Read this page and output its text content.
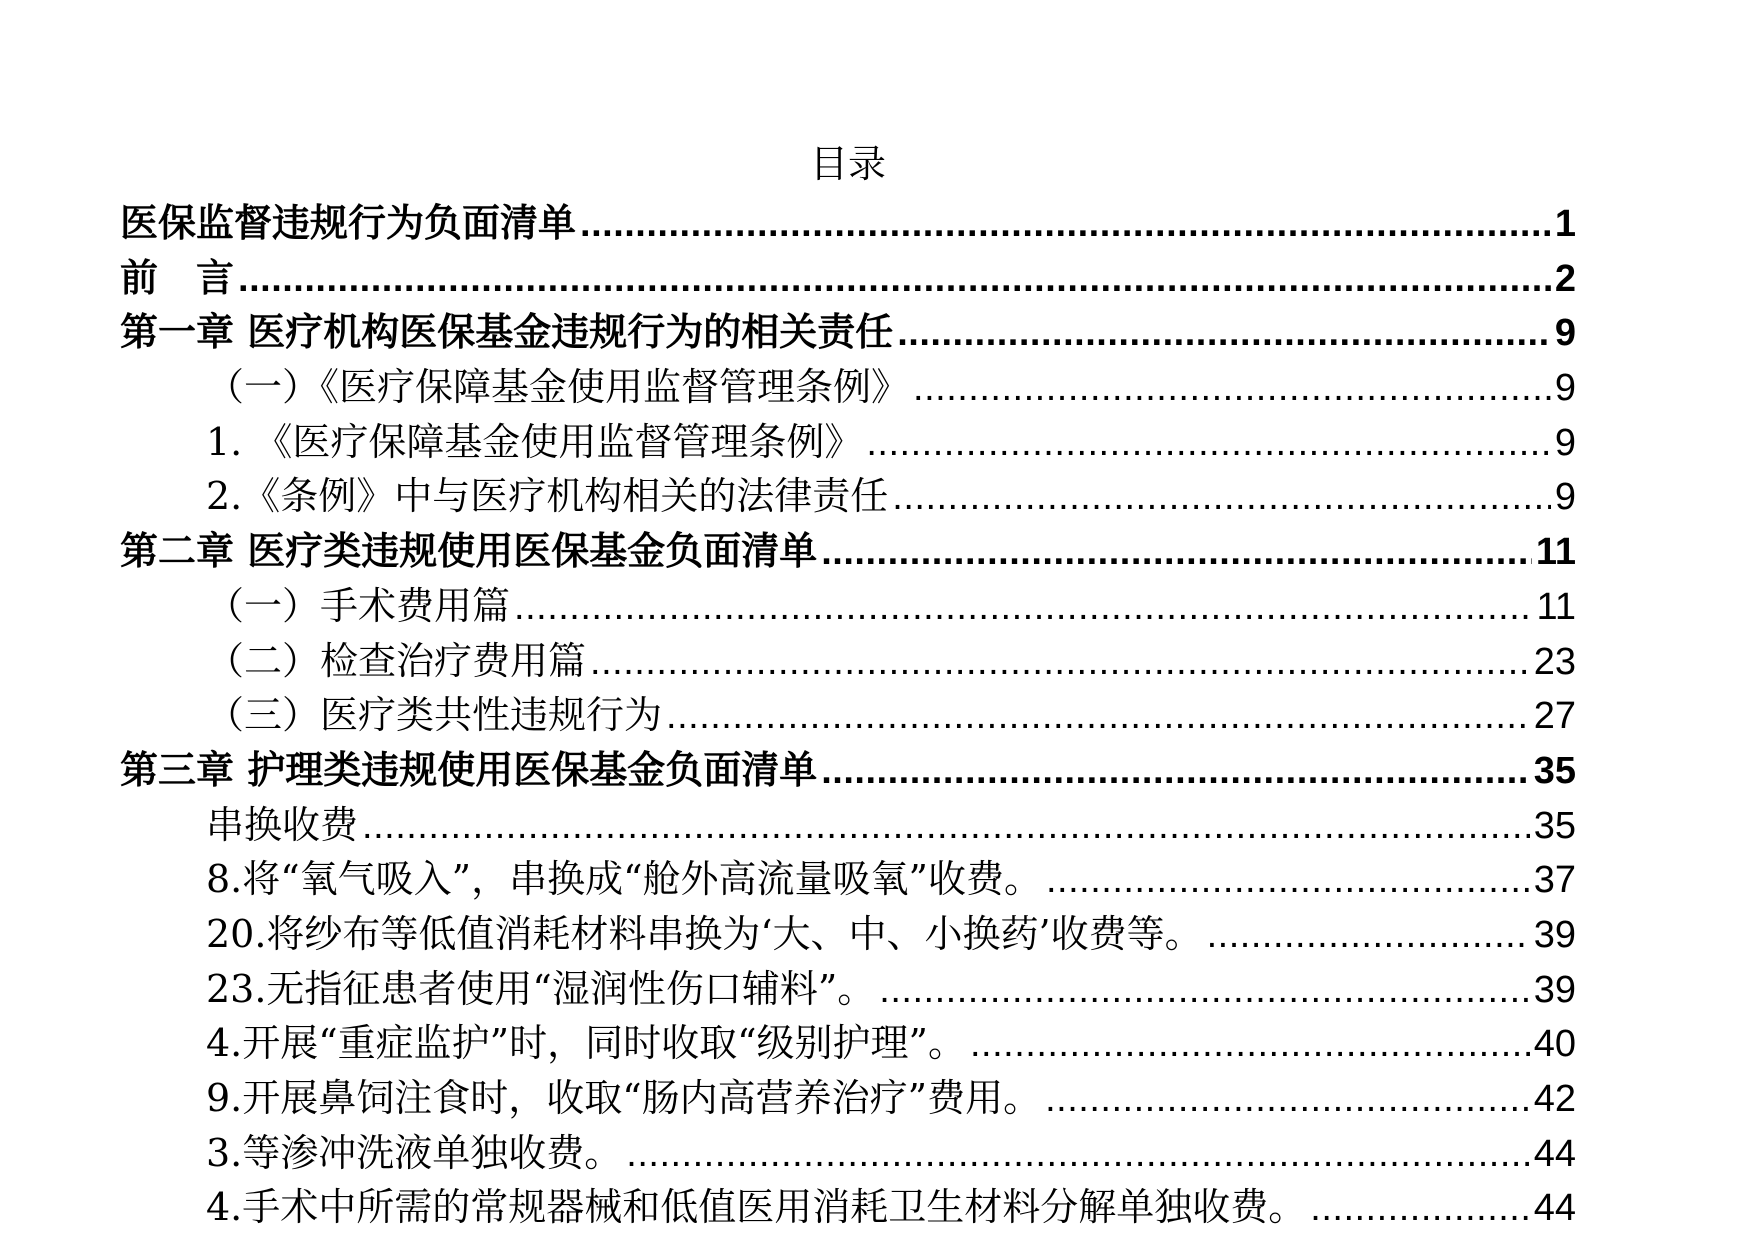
目录
医保监督违规行为负面清单 .....	1
前　言 .....	2
第一章 医疗机构医保基金违规行为的相关责任 .....	9
（一）《医疗保障基金使用监督管理条例》 .....	9
1. 《医疗保障基金使用监督管理条例》 .....	9
2.《条例》中与医疗机构相关的法律责任 .....	9
第二章 医疗类违规使用医保基金负面清单 .....	11
（一）手术费用篇 .....	11
（二）检查治疗费用篇 .....	23
（三）医疗类共性违规行为 .....	27
第三章 护理类违规使用医保基金负面清单 .....	35
串换收费 .....	35
8.将“氧气吸入”，串换成“舱外高流量吸氧”收费。 .....	37
20.将纱布等低值消耗材料串换为‘大、中、小换药’收费等。 .....	39
23.无指征患者使用“湿润性伤口辅料”。 .....	39
4.开展“重症监护”时，同时收取“级别护理”。 .....	40
9.开展鼻饲注食时，收取“肠内高营养治疗”费用。 .....	42
3.等渗冲洗液单独收费。 .....	44
4.手术中所需的常规器械和低值医用消耗卫生材料分解单独收费。 .....	44
